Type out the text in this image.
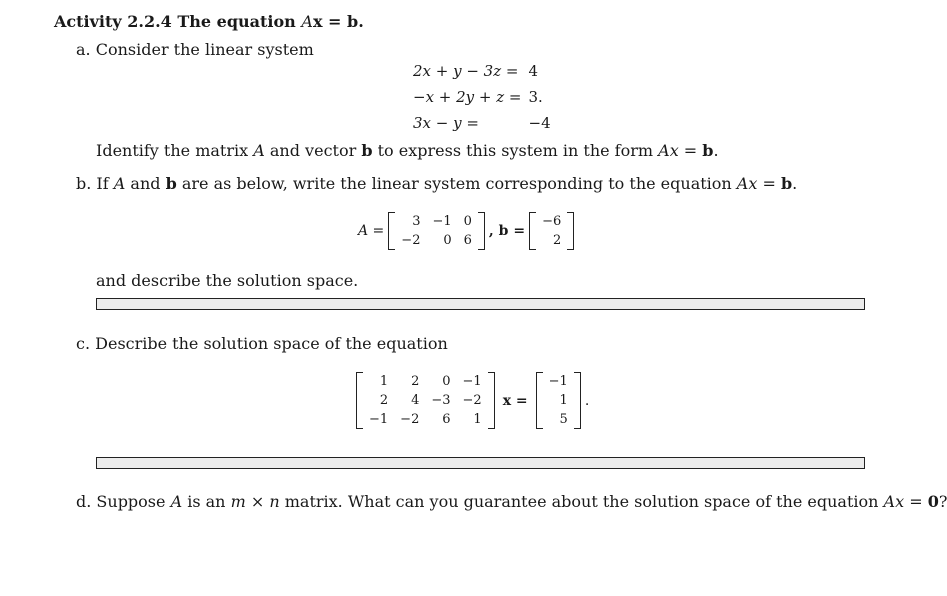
Activity 2.2.4 The equation Ax = b.
a. Consider the linear system
2x + y − 3z =	4
−x + 2y + z =	3.
3x − y =	−4
Identify the matrix A and vector b to express this system in the form Ax = b.
b. If A and b are as below, write the linear system corresponding to the equation Ax = b.
A =
3	−1	0
−2	0	6
, b =
−6
2
and describe the solution space.
c. Describe the solution space of the equation
1	2	0	−1
2	4	−3	−2
−1	−2	6	1
x =
−1
1
5
.
d. Suppose A is an m × n matrix. What can you guarantee about the solution space of the equation Ax = 0?
